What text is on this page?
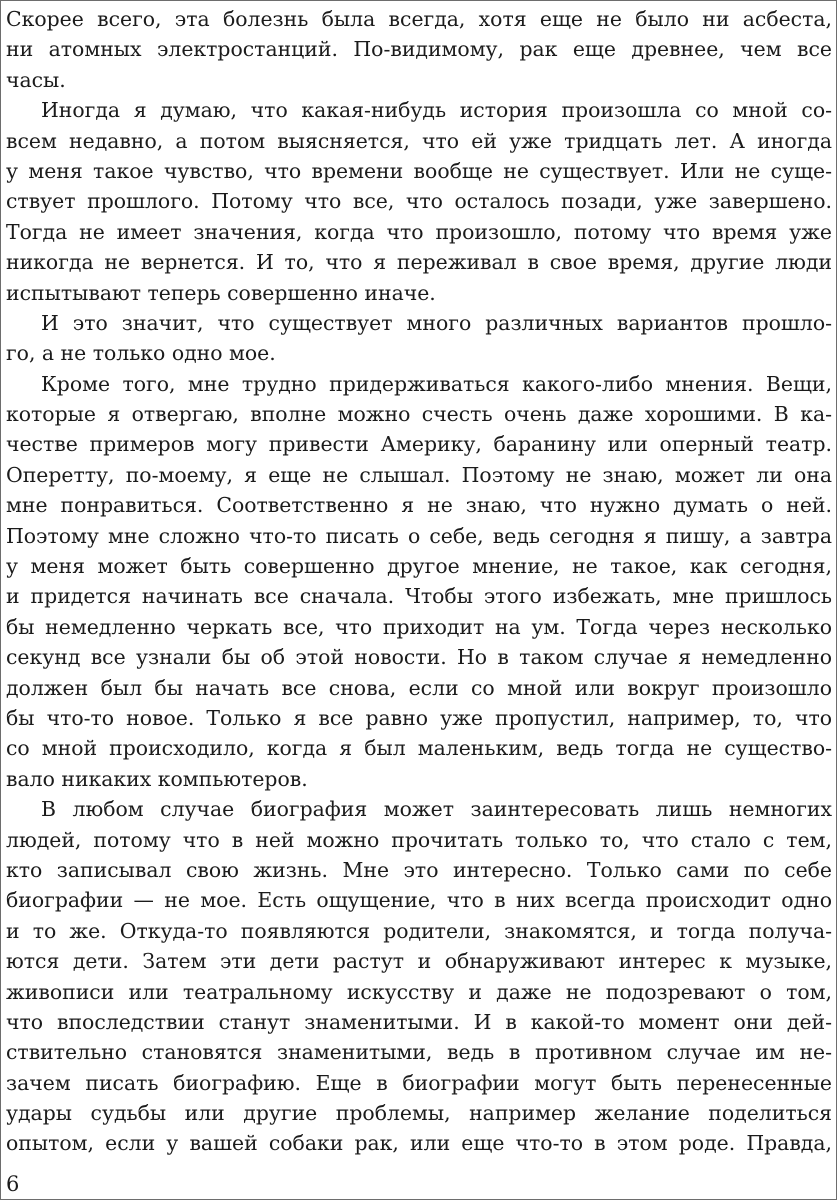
Скорее всего, эта болезнь была всегда, хотя еще не было ни асбеста,
ни атомных электростанций. По-видимому, рак еще древнее, чем все
часы.
Иногда я думаю, что какая-нибудь история произошла со мной со-
всем недавно, а потом выясняется, что ей уже тридцать лет. А иногда
у меня такое чувство, что времени вообще не существует. Или не суще-
ствует прошлого. Потому что все, что осталось позади, уже завершено.
Тогда не имеет значения, когда что произошло, потому что время уже
никогда не вернется. И то, что я переживал в свое время, другие люди
испытывают теперь совершенно иначе.
И это значит, что существует много различных вариантов прошло-
го, а не только одно мое.
Кроме того, мне трудно придерживаться какого-либо мнения. Вещи,
которые я отвергаю, вполне можно счесть очень даже хорошими. В ка-
честве примеров могу привести Америку, баранину или оперный театр.
Оперетту, по-моему, я еще не слышал. Поэтому не знаю, может ли она
мне понравиться. Соответственно я не знаю, что нужно думать о ней.
Поэтому мне сложно что-то писать о себе, ведь сегодня я пишу, а завтра
у меня может быть совершенно другое мнение, не такое, как сегодня,
и придется начинать все сначала. Чтобы этого избежать, мне пришлось
бы немедленно черкать все, что приходит на ум. Тогда через несколько
секунд все узнали бы об этой новости. Но в таком случае я немедленно
должен был бы начать все снова, если со мной или вокруг произошло
бы что-то новое. Только я все равно уже пропустил, например, то, что
со мной происходило, когда я был маленьким, ведь тогда не существо-
вало никаких компьютеров.
В любом случае биография может заинтересовать лишь немногих
людей, потому что в ней можно прочитать только то, что стало с тем,
кто записывал свою жизнь. Мне это интересно. Только сами по себе
биографии — не мое. Есть ощущение, что в них всегда происходит одно
и то же. Откуда-то появляются родители, знакомятся, и тогда получа-
ются дети. Затем эти дети растут и обнаруживают интерес к музыке,
живописи или театральному искусству и даже не подозревают о том,
что впоследствии станут знаменитыми. И в какой-то момент они дей-
ствительно становятся знаменитыми, ведь в противном случае им не-
зачем писать биографию. Еще в биографии могут быть перенесенные
удары судьбы или другие проблемы, например желание поделиться
опытом, если у вашей собаки рак, или еще что-то в этом роде. Правда,
6
